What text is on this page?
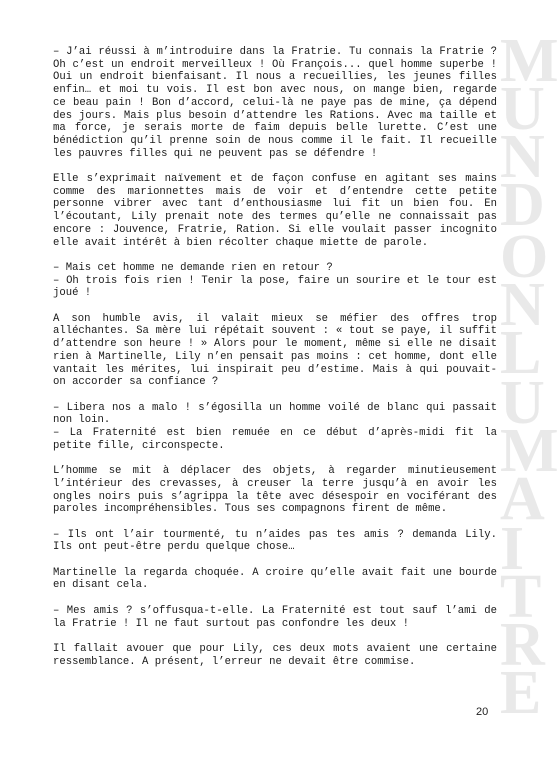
M
U
N
D
O
N
L
U
M
A
I
T
R
E

– J’ai réussi à m’introduire dans la Fratrie. Tu connais la Fratrie ? Oh c’est un endroit merveilleux ! Où François... quel homme superbe ! Oui un endroit bienfaisant. Il nous a recueillies, les jeunes filles enfin… et moi tu vois. Il est bon avec nous, on mange bien, regarde ce beau pain ! Bon d’accord, celui-là ne paye pas de mine, ça dépend des jours. Mais plus besoin d’attendre les Rations. Avec ma taille et ma force, je serais morte de faim depuis belle lurette. C’est une bénédiction qu’il prenne soin de nous comme il le fait. Il recueille les pauvres filles qui ne peuvent pas se défendre !

Elle s’exprimait naïvement et de façon confuse en agitant ses mains comme des marionnettes mais de voir et d’entendre cette petite personne vibrer avec tant d’enthousiasme lui fit un bien fou. En l’écoutant, Lily prenait note des termes qu’elle ne connaissait pas encore : Jouvence, Fratrie, Ration. Si elle voulait passer incognito elle avait intérêt à bien récolter chaque miette de parole.

– Mais cet homme ne demande rien en retour ?

– Oh trois fois rien ! Tenir la pose, faire un sourire et le tour est joué !

A son humble avis, il valait mieux se méfier des offres trop alléchantes. Sa mère lui répétait souvent : « tout se paye, il suffit d’attendre son heure ! » Alors pour le moment, même si elle ne disait rien à Martinelle, Lily n’en pensait pas moins : cet homme, dont elle vantait les mérites, lui inspirait peu d’estime. Mais à qui pouvait-on accorder sa confiance ?

– Libera nos a malo ! s’égosilla un homme voilé de blanc qui passait non loin.

– La Fraternité est bien remuée en ce début d’après-midi fit la petite fille, circonspecte.

L’homme se mit à déplacer des objets, à regarder minutieusement l’intérieur des crevasses, à creuser la terre jusqu’à en avoir les ongles noirs puis s’agrippa la tête avec désespoir en vociférant des paroles incompréhensibles. Tous ses compagnons firent de même.

– Ils ont l’air tourmenté, tu n’aides pas tes amis ? demanda Lily. Ils ont peut-être perdu quelque chose…

Martinelle la regarda choquée. A croire qu’elle avait fait une bourde en disant cela.

– Mes amis ? s’offusqua-t-elle. La Fraternité est tout sauf l’ami de la Fratrie ! Il ne faut surtout pas confondre les deux !

Il fallait avouer que pour Lily, ces deux mots avaient une certaine ressemblance. A présent, l’erreur ne devait être commise.

20
